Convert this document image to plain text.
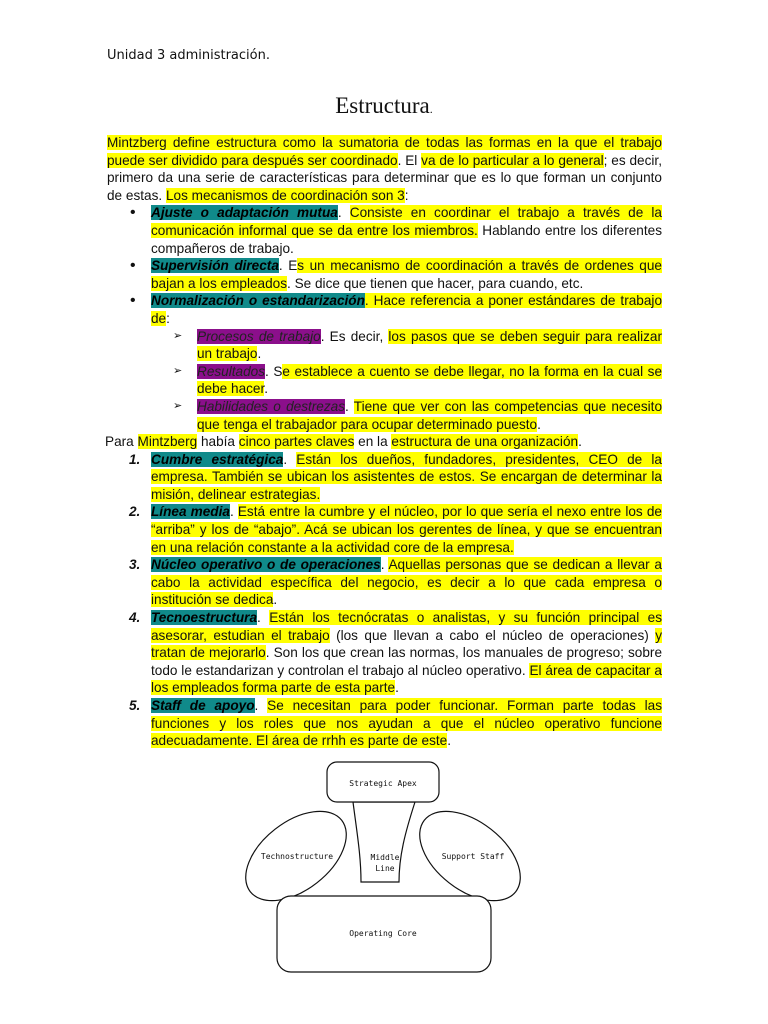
Unidad 3 administración.
Estructura.

Mintzberg define estructura como la sumatoria de todas las formas en la que el trabajo puede ser dividido para después ser coordinado. El va de lo particular a lo general; es decir, primero da una serie de características para determinar que es lo que forman un conjunto de estas. Los mecanismos de coordinación son 3:

• Ajuste o adaptación mutua. Consiste en coordinar el trabajo a través de la comunicación informal que se da entre los miembros. Hablando entre los diferentes compañeros de trabajo.
• Supervisión directa. Es un mecanismo de coordinación a través de ordenes que bajan a los empleados. Se dice que tienen que hacer, para cuando, etc.
• Normalización o estandarización. Hace referencia a poner estándares de trabajo de:
➢ Procesos de trabajo. Es decir, los pasos que se deben seguir para realizar un trabajo.
➢ Resultados. Se establece a cuento se debe llegar, no la forma en la cual se debe hacer.
➢ Habilidades o destrezas. Tiene que ver con las competencias que necesito que tenga el trabajador para ocupar determinado puesto.

Para Mintzberg había cinco partes claves en la estructura de una organización.

1. Cumbre estratégica. Están los dueños, fundadores, presidentes, CEO de la empresa. También se ubican los asistentes de estos. Se encargan de determinar la misión, delinear estrategias.
2. Línea media. Está entre la cumbre y el núcleo, por lo que sería el nexo entre los de “arriba” y los de “abajo”. Acá se ubican los gerentes de línea, y que se encuentran en una relación constante a la actividad core de la empresa.
3. Núcleo operativo o de operaciones. Aquellas personas que se dedican a llevar a cabo la actividad específica del negocio, es decir a lo que cada empresa o institución se dedica.
4. Tecnoestructura. Están los tecnócratas o analistas, y su función principal es asesorar, estudian el trabajo (los que llevan a cabo el núcleo de operaciones) y tratan de mejorarlo. Son los que crean las normas, los manuales de progreso; sobre todo le estandarizan y controlan el trabajo al núcleo operativo. El área de capacitar a los empleados forma parte de esta parte.
5. Staff de apoyo. Se necesitan para poder funcionar. Forman parte todas las funciones y los roles que nos ayudan a que el núcleo operativo funcione adecuadamente. El área de rrhh es parte de este.
Strategic Apex
Technostructure	Middle
Line
Support Staff
Operating Core
